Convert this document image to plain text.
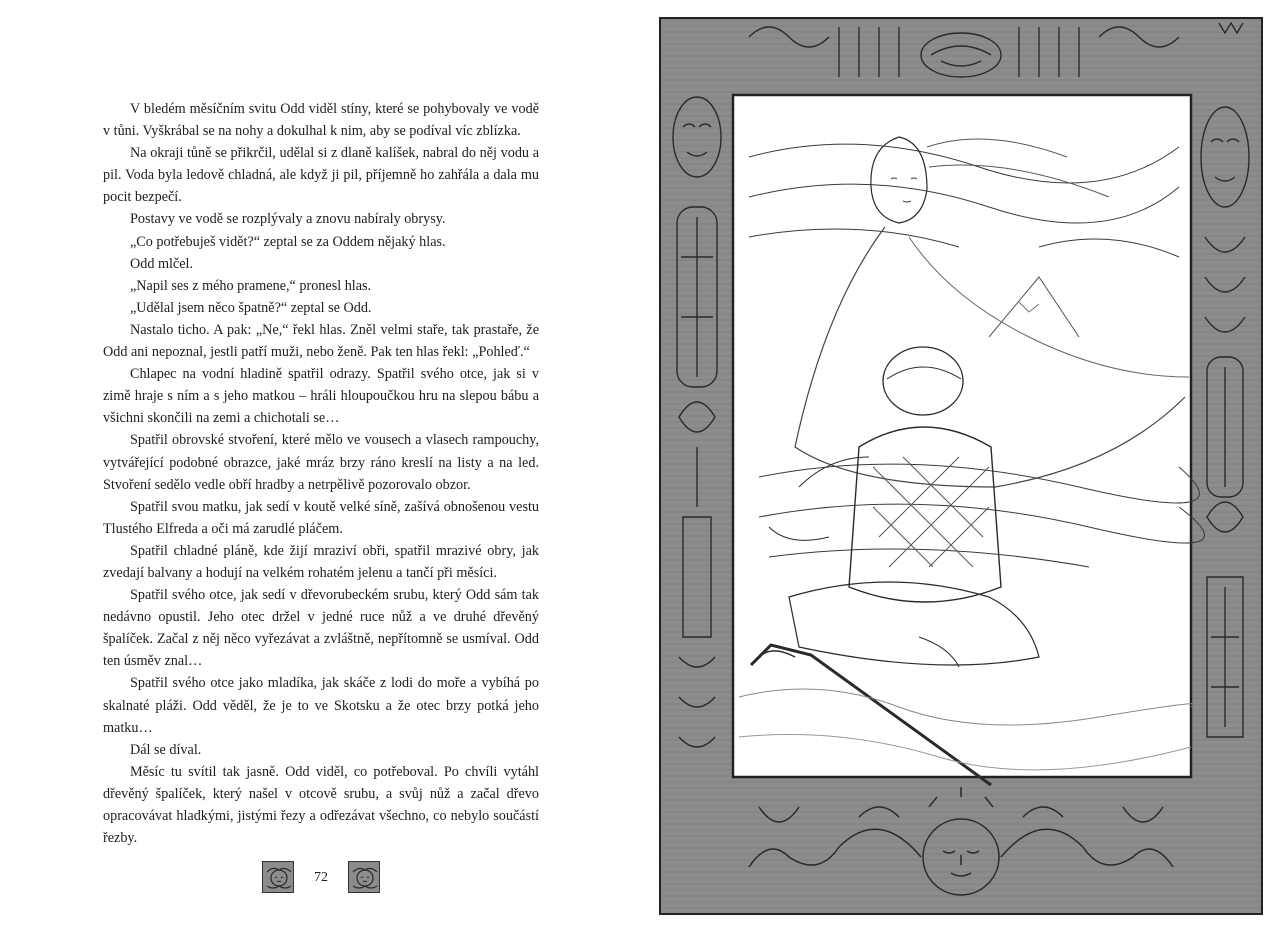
V bledém měsíčním svitu Odd viděl stíny, které se pohybovaly ve vodě v tůni. Vyškrábal se na nohy a dokulhal k nim, aby se podíval víc zblízka.

Na okraji tůně se přikrčil, udělal si z dlaně kalíšek, nabral do něj vodu a pil. Voda byla ledově chladná, ale když ji pil, příjemně ho zahřála a dala mu pocit bezpečí.

Postavy ve vodě se rozplývaly a znovu nabíraly obrysy.

„Co potřebuješ vidět?“ zeptal se za Oddem nějaký hlas.

Odd mlčel.

„Napil ses z mého pramene,“ pronesl hlas.

„Udělal jsem něco špatně?“ zeptal se Odd.

Nastalo ticho. A pak: „Ne,“ řekl hlas. Zněl velmi staře, tak prastaře, že Odd ani nepoznal, jestli patří muži, nebo ženě. Pak ten hlas řekl: „Pohleď.“

Chlapec na vodní hladině spatřil odrazy. Spatřil svého otce, jak si v zimě hraje s ním a s jeho matkou – hráli hloupoučkou hru na slepou bábu a všichni skončili na zemi a chichotali se…

Spatřil obrovské stvoření, které mělo ve vousech a vlasech rampouchy, vytvářející podobné obrazce, jaké mráz brzy ráno kreslí na listy a na led. Stvoření sedělo vedle obří hradby a netrpělivě pozorovalo obzor.

Spatřil svou matku, jak sedí v koutě velké síně, zašívá obnošenou vestu Tlustého Elfreda a oči má zarudlé pláčem.

Spatřil chladné pláně, kde žijí mraziví obři, spatřil mrazivé obry, jak zvedají balvany a hodují na velkém rohatém jelenu a tančí při měsíci.

Spatřil svého otce, jak sedí v dřevorubeckém srubu, který Odd sám tak nedávno opustil. Jeho otec držel v jedné ruce nůž a ve druhé dřevěný špalíček. Začal z něj něco vyřezávat a zvláštně, nepřítomně se usmíval. Odd ten úsměv znal…

Spatřil svého otce jako mladíka, jak skáče z lodi do moře a vybíhá po skalnaté pláži. Odd věděl, že je to ve Skotsku a že otec brzy potká jeho matku…

Dál se díval.

Měsíc tu svítil tak jasně. Odd viděl, co potřeboval. Po chvíli vytáhl dřevěný špalíček, který našel v otcově srubu, a svůj nůž a začal dřevo opracovávat hladkými, jistými řezy a odřezávat všechno, co nebylo součástí řezby.

72
